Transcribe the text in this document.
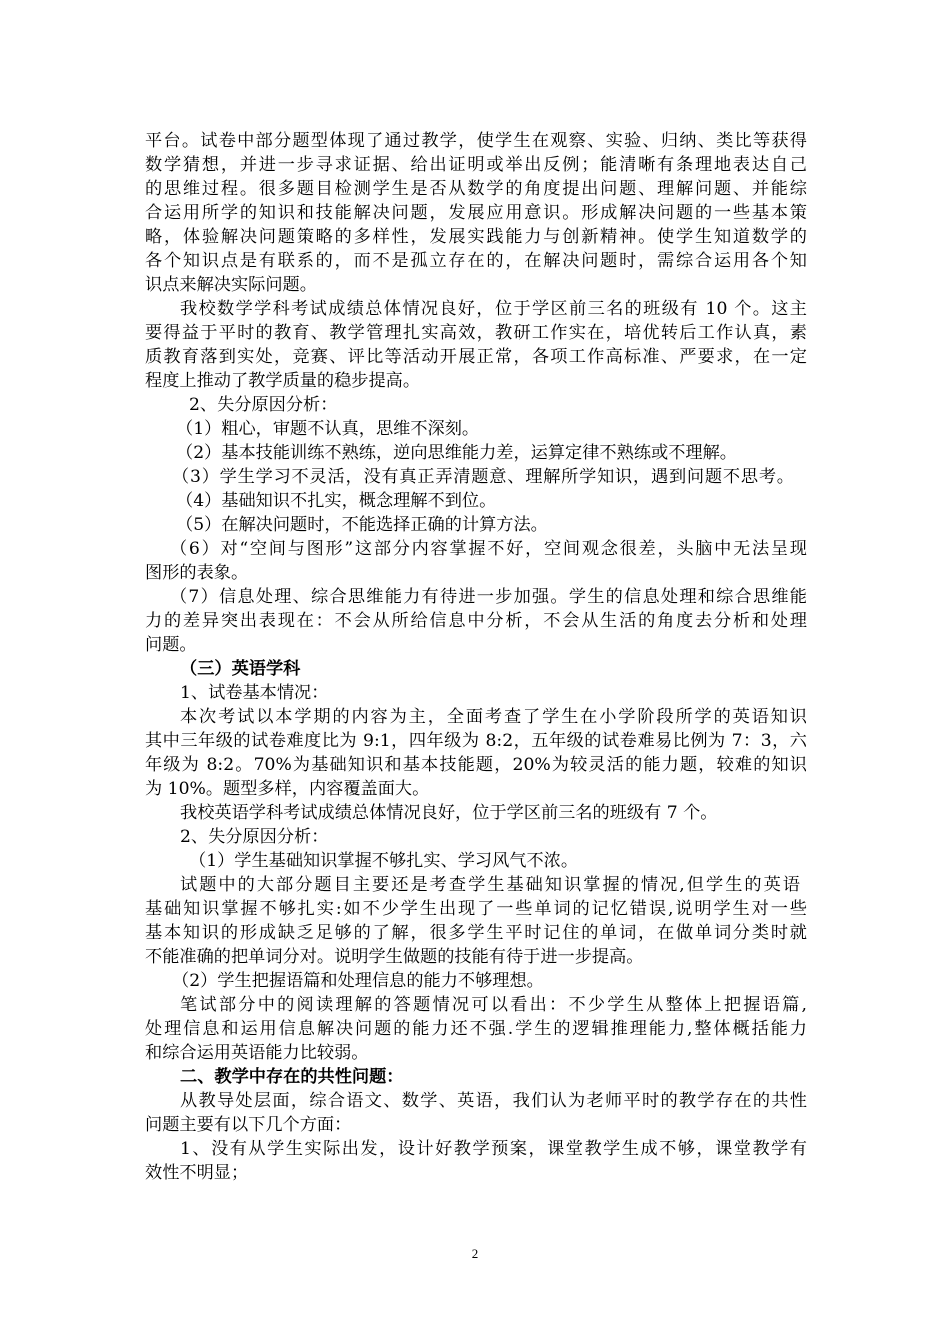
平台。试卷中部分题型体现了通过教学，使学生在观察、实验、归纳、类比等获得
数学猜想，并进一步寻求证据、给出证明或举出反例；能清晰有条理地表达自己
的思维过程。很多题目检测学生是否从数学的角度提出问题、理解问题、并能综
合运用所学的知识和技能解决问题，发展应用意识。形成解决问题的一些基本策
略，体验解决问题策略的多样性，发展实践能力与创新精神。使学生知道数学的
各个知识点是有联系的，而不是孤立存在的，在解决问题时，需综合运用各个知
识点来解决实际问题。
我校数学学科考试成绩总体情况良好，位于学区前三名的班级有 10 个。这主
要得益于平时的教育、教学管理扎实高效，教研工作实在，培优转后工作认真，素
质教育落到实处，竞赛、评比等活动开展正常，各项工作高标准、严要求，在一定
程度上推动了教学质量的稳步提高。
2、失分原因分析：
（1）粗心，审题不认真，思维不深刻。
（2）基本技能训练不熟练，逆向思维能力差，运算定律不熟练或不理解。
（3）学生学习不灵活，没有真正弄清题意、理解所学知识，遇到问题不思考。
（4）基础知识不扎实，概念理解不到位。
（5）在解决问题时，不能选择正确的计算方法。
（6）对“空间与图形”这部分内容掌握不好，空间观念很差，头脑中无法呈现
图形的表象。
（7）信息处理、综合思维能力有待进一步加强。学生的信息处理和综合思维能
力的差异突出表现在：不会从所给信息中分析，不会从生活的角度去分析和处理
问题。
（三）英语学科
1、试卷基本情况：
本次考试以本学期的内容为主，全面考查了学生在小学阶段所学的英语知识
其中三年级的试卷难度比为 9:1，四年级为 8:2，五年级的试卷难易比例为 7：3，六
年级为 8:2。70%为基础知识和基本技能题，20%为较灵活的能力题，较难的知识
为 10%。题型多样，内容覆盖面大。
我校英语学科考试成绩总体情况良好，位于学区前三名的班级有 7 个。
2、失分原因分析：
（1）学生基础知识掌握不够扎实、学习风气不浓。
试题中的大部分题目主要还是考查学生基础知识掌握的情况,但学生的英语
基础知识掌握不够扎实:如不少学生出现了一些单词的记忆错误,说明学生对一些
基本知识的形成缺乏足够的了解，很多学生平时记住的单词，在做单词分类时就
不能准确的把单词分对。说明学生做题的技能有待于进一步提高。
（2）学生把握语篇和处理信息的能力不够理想。
笔试部分中的阅读理解的答题情况可以看出：不少学生从整体上把握语篇,
处理信息和运用信息解决问题的能力还不强.学生的逻辑推理能力,整体概括能力
和综合运用英语能力比较弱。
二、教学中存在的共性问题：
从教导处层面，综合语文、数学、英语，我们认为老师平时的教学存在的共性
问题主要有以下几个方面：
1、没有从学生实际出发，设计好教学预案，课堂教学生成不够，课堂教学有
效性不明显；
2
